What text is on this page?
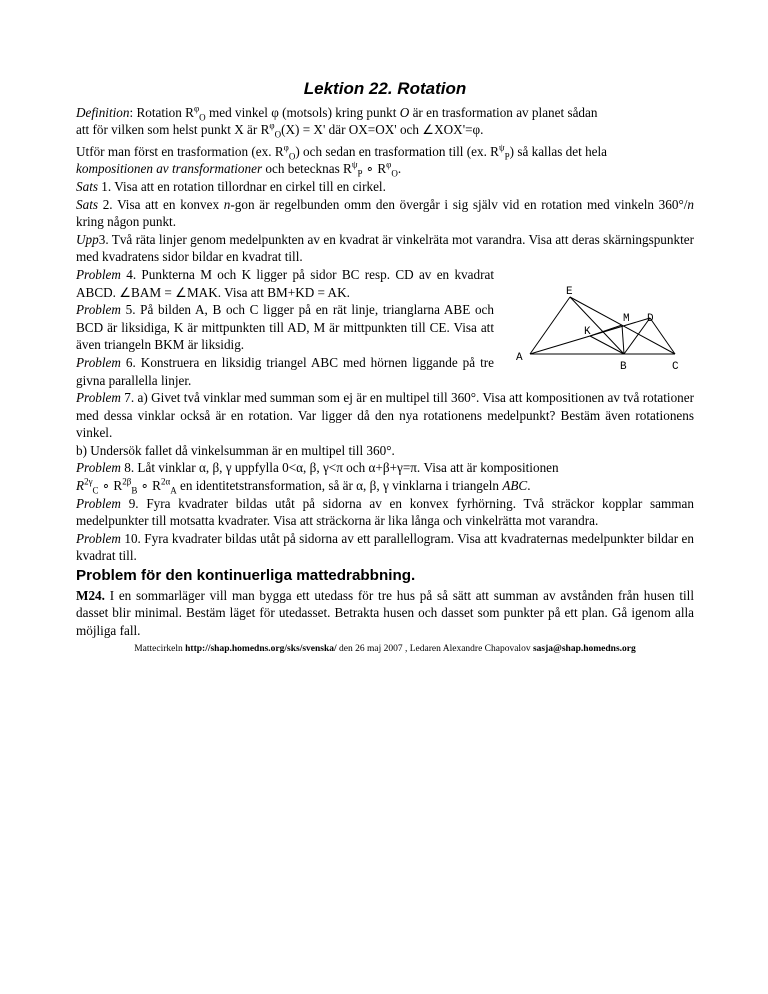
Lektion 22. Rotation

Definition: Rotation $R^\varphi_O$ med vinkel φ (motsols) kring punkt O är en trasformation av planet sådan
att för vilken som helst punkt X är $R^\varphi_O(X) = X'$ där OX=OX' och ∠XOX'=φ.

Utför man först en trasformation (ex. $R^\varphi_O$) och sedan en trasformation till (ex. $R^\psi_P$) så kallas det hela
kompositionen av transformationer och betecknas $R^\psi_P$ ∘ $R^\varphi_O$.

Sats 1. Visa att en rotation tillordnar en cirkel till en cirkel.

Sats 2. Visa att en konvex n-gon är regelbunden omm den övergår i sig själv vid en rotation med vinkeln 360°/n kring någon punkt.

Upp3. Två räta linjer genom medelpunkten av en kvadrat är vinkelräta mot varandra. Visa att deras skärningspunkter med kvadratens sidor bildar en kvadrat till.

Problem 4. Punkterna M och K ligger på sidor BC resp. CD av en kvadrat ABCD. ∠BAM = ∠MAK. Visa att BM+KD = AK.

Problem 5. På bilden A, B och C ligger på en rät linje, trianglarna ABE och BCD är liksidiga, K är mittpunkten till AD, M är mittpunkten till CE. Visa att även triangeln BKM är liksidig.

Problem 6. Konstruera en liksidig triangel ABC med hörnen liggande på tre givna parallella linjer.

Problem 7. a) Givet två vinklar med summan som ej är en multipel till 360°. Visa att kompositionen av två rotationer med dessa vinklar också är en rotation. Var ligger då den nya rotationens medelpunkt? Bestäm även rotationens vinkel.

b) Undersök fallet då vinkelsumman är en multipel till 360°.

Problem 8. Låt vinklar α, β, γ uppfylla 0<α, β, γ<π och α+β+γ=π. Visa att är kompositionen
$R^{2\gamma}_C$ ∘ $R^{2\beta}_B$ ∘ $R^{2\alpha}_A$ en identitetstransformation, så är α, β, γ vinklarna i triangeln ABC.

Problem 9. Fyra kvadrater bildas utåt på sidorna av en konvex fyrhörning. Två sträckor kopplar samman medelpunkter till motsatta kvadrater. Visa att sträckorna är lika långa och vinkelrätta mot varandra.

Problem 10. Fyra kvadrater bildas utåt på sidorna av ett parallellogram. Visa att kvadraternas medelpunkter bildar en kvadrat till.

Problem för den kontinuerliga mattedrabbning.

M24. I en sommarläger vill man bygga ett utedass för tre hus på så sätt att summan av avstånden från husen till dasset blir minimal. Bestäm läget för utedasset. Betrakta husen och dasset som punkter på ett plan. Gå igenom alla möjliga fall.

Mattecirkeln http://shap.homedns.org/sks/svenska/ den 26 maj 2007 , Ledaren Alexandre Chapovalov sasja@shap.homedns.org
E
M D
K
A
B	C
